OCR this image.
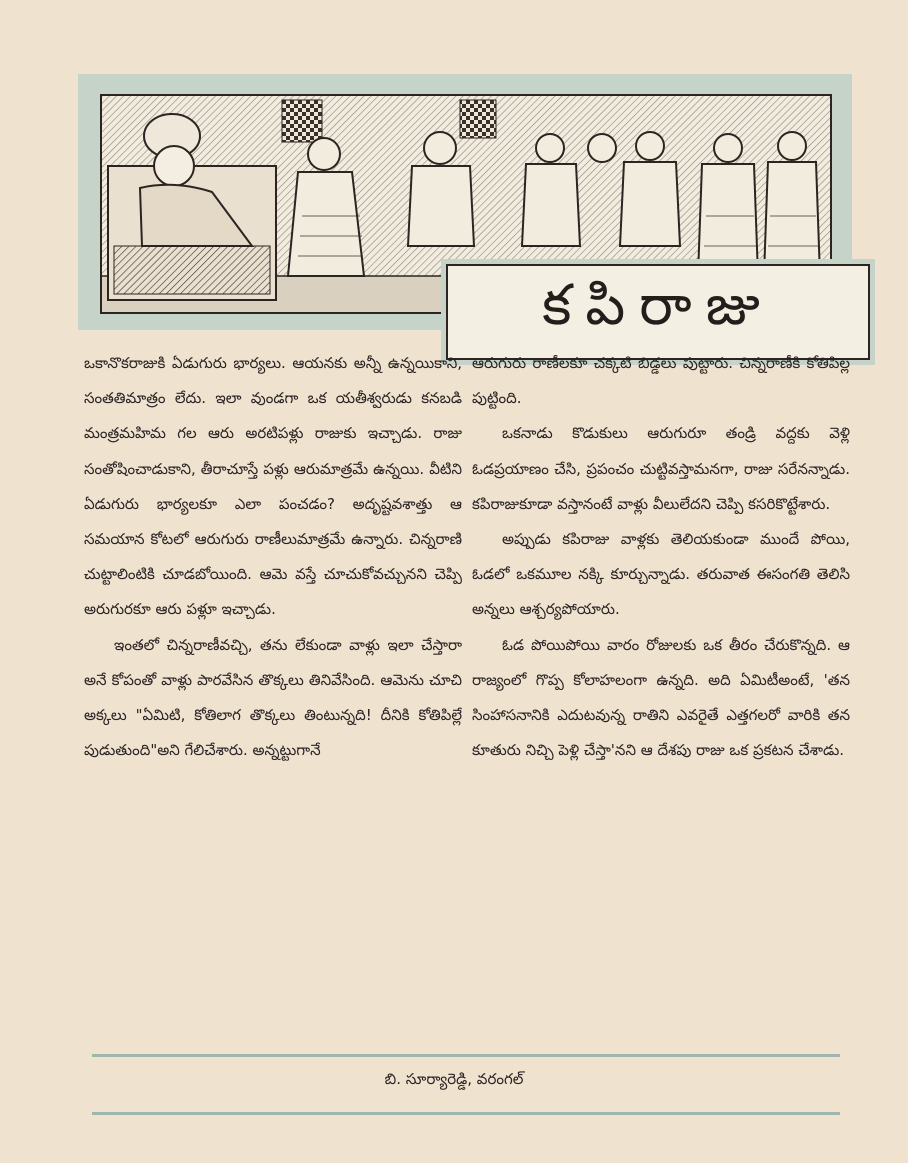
కపిరాజు

ఒకానొకరాజుకి ఏడుగురు భార్యలు. ఆయనకు అన్నీ ఉన్నయికాని, సంతతిమాత్రం లేదు. ఇలా వుండగా ఒక యతీశ్వరుడు కనబడి మంత్రమహిమ గల ఆరు అరటిపళ్లు రాజుకు ఇచ్చాడు. రాజు సంతోషించాడుకాని, తీరాచూస్తే పళ్లు ఆరుమాత్రమే ఉన్నయి. వీటిని ఏడుగురు భార్యలకూ ఎలా పంచడం? అదృష్టవశాత్తు ఆ సమయాన కోటలో ఆరుగురు రాణీలుమాత్రమే ఉన్నారు. చిన్నరాణి చుట్టాలింటికి చూడబోయింది. ఆమె వస్తే చూచుకోవచ్చునని చెప్పి అరుగురకూ ఆరు పళ్లూ ఇచ్చాడు.

ఇంతలో చిన్నరాణీవచ్చి, తను లేకుండా వాళ్లు ఇలా చేస్తారా అనే కోపంతో వాళ్లు పారవేసిన తొక్కలు తినివేసింది. ఆమెను చూచి అక్కలు "ఏమిటి, కోతిలాగ తొక్కలు తింటున్నది! దీనికి కోతిపిల్లే పుడుతుంది"అని గేలిచేశారు. అన్నట్టుగానే

ఆరుగురు రాణీలకూ చక్కటి బిడ్డలు పుట్టారు. చిన్నరాణీకి కోతిపిల్ల పుట్టింది.

ఒకనాడు కొడుకులు ఆరుగురూ తండ్రి వద్దకు వెళ్లి ఓడప్రయాణం చేసి, ప్రపంచం చుట్టివస్తామనగా, రాజు సరేనన్నాడు. కపిరాజుకూడా వస్తానంటే వాళ్లు వీలులేదని చెప్పి కసరికొట్టేశారు.

అప్పుడు కపిరాజు వాళ్లకు తెలియకుండా ముందే పోయి, ఓడలో ఒకమూల నక్కి కూర్చున్నాడు. తరువాత ఈసంగతి తెలిసి అన్నలు ఆశ్చర్యపోయారు.

ఓడ పోయిపోయి వారం రోజులకు ఒక తీరం చేరుకొన్నది. ఆ రాజ్యంలో గొప్ప కోలాహలంగా ఉన్నది. అది ఏమిటీఅంటే, 'తన సింహాసనానికి ఎదుటవున్న రాతిని ఎవరైతే ఎత్తగలరో వారికి తన కూతురు నిచ్చి పెళ్లి చేస్తా'నని ఆ దేశపు రాజు ఒక ప్రకటన చేశాడు.

బి. సూర్యారెడ్డి, వరంగల్
